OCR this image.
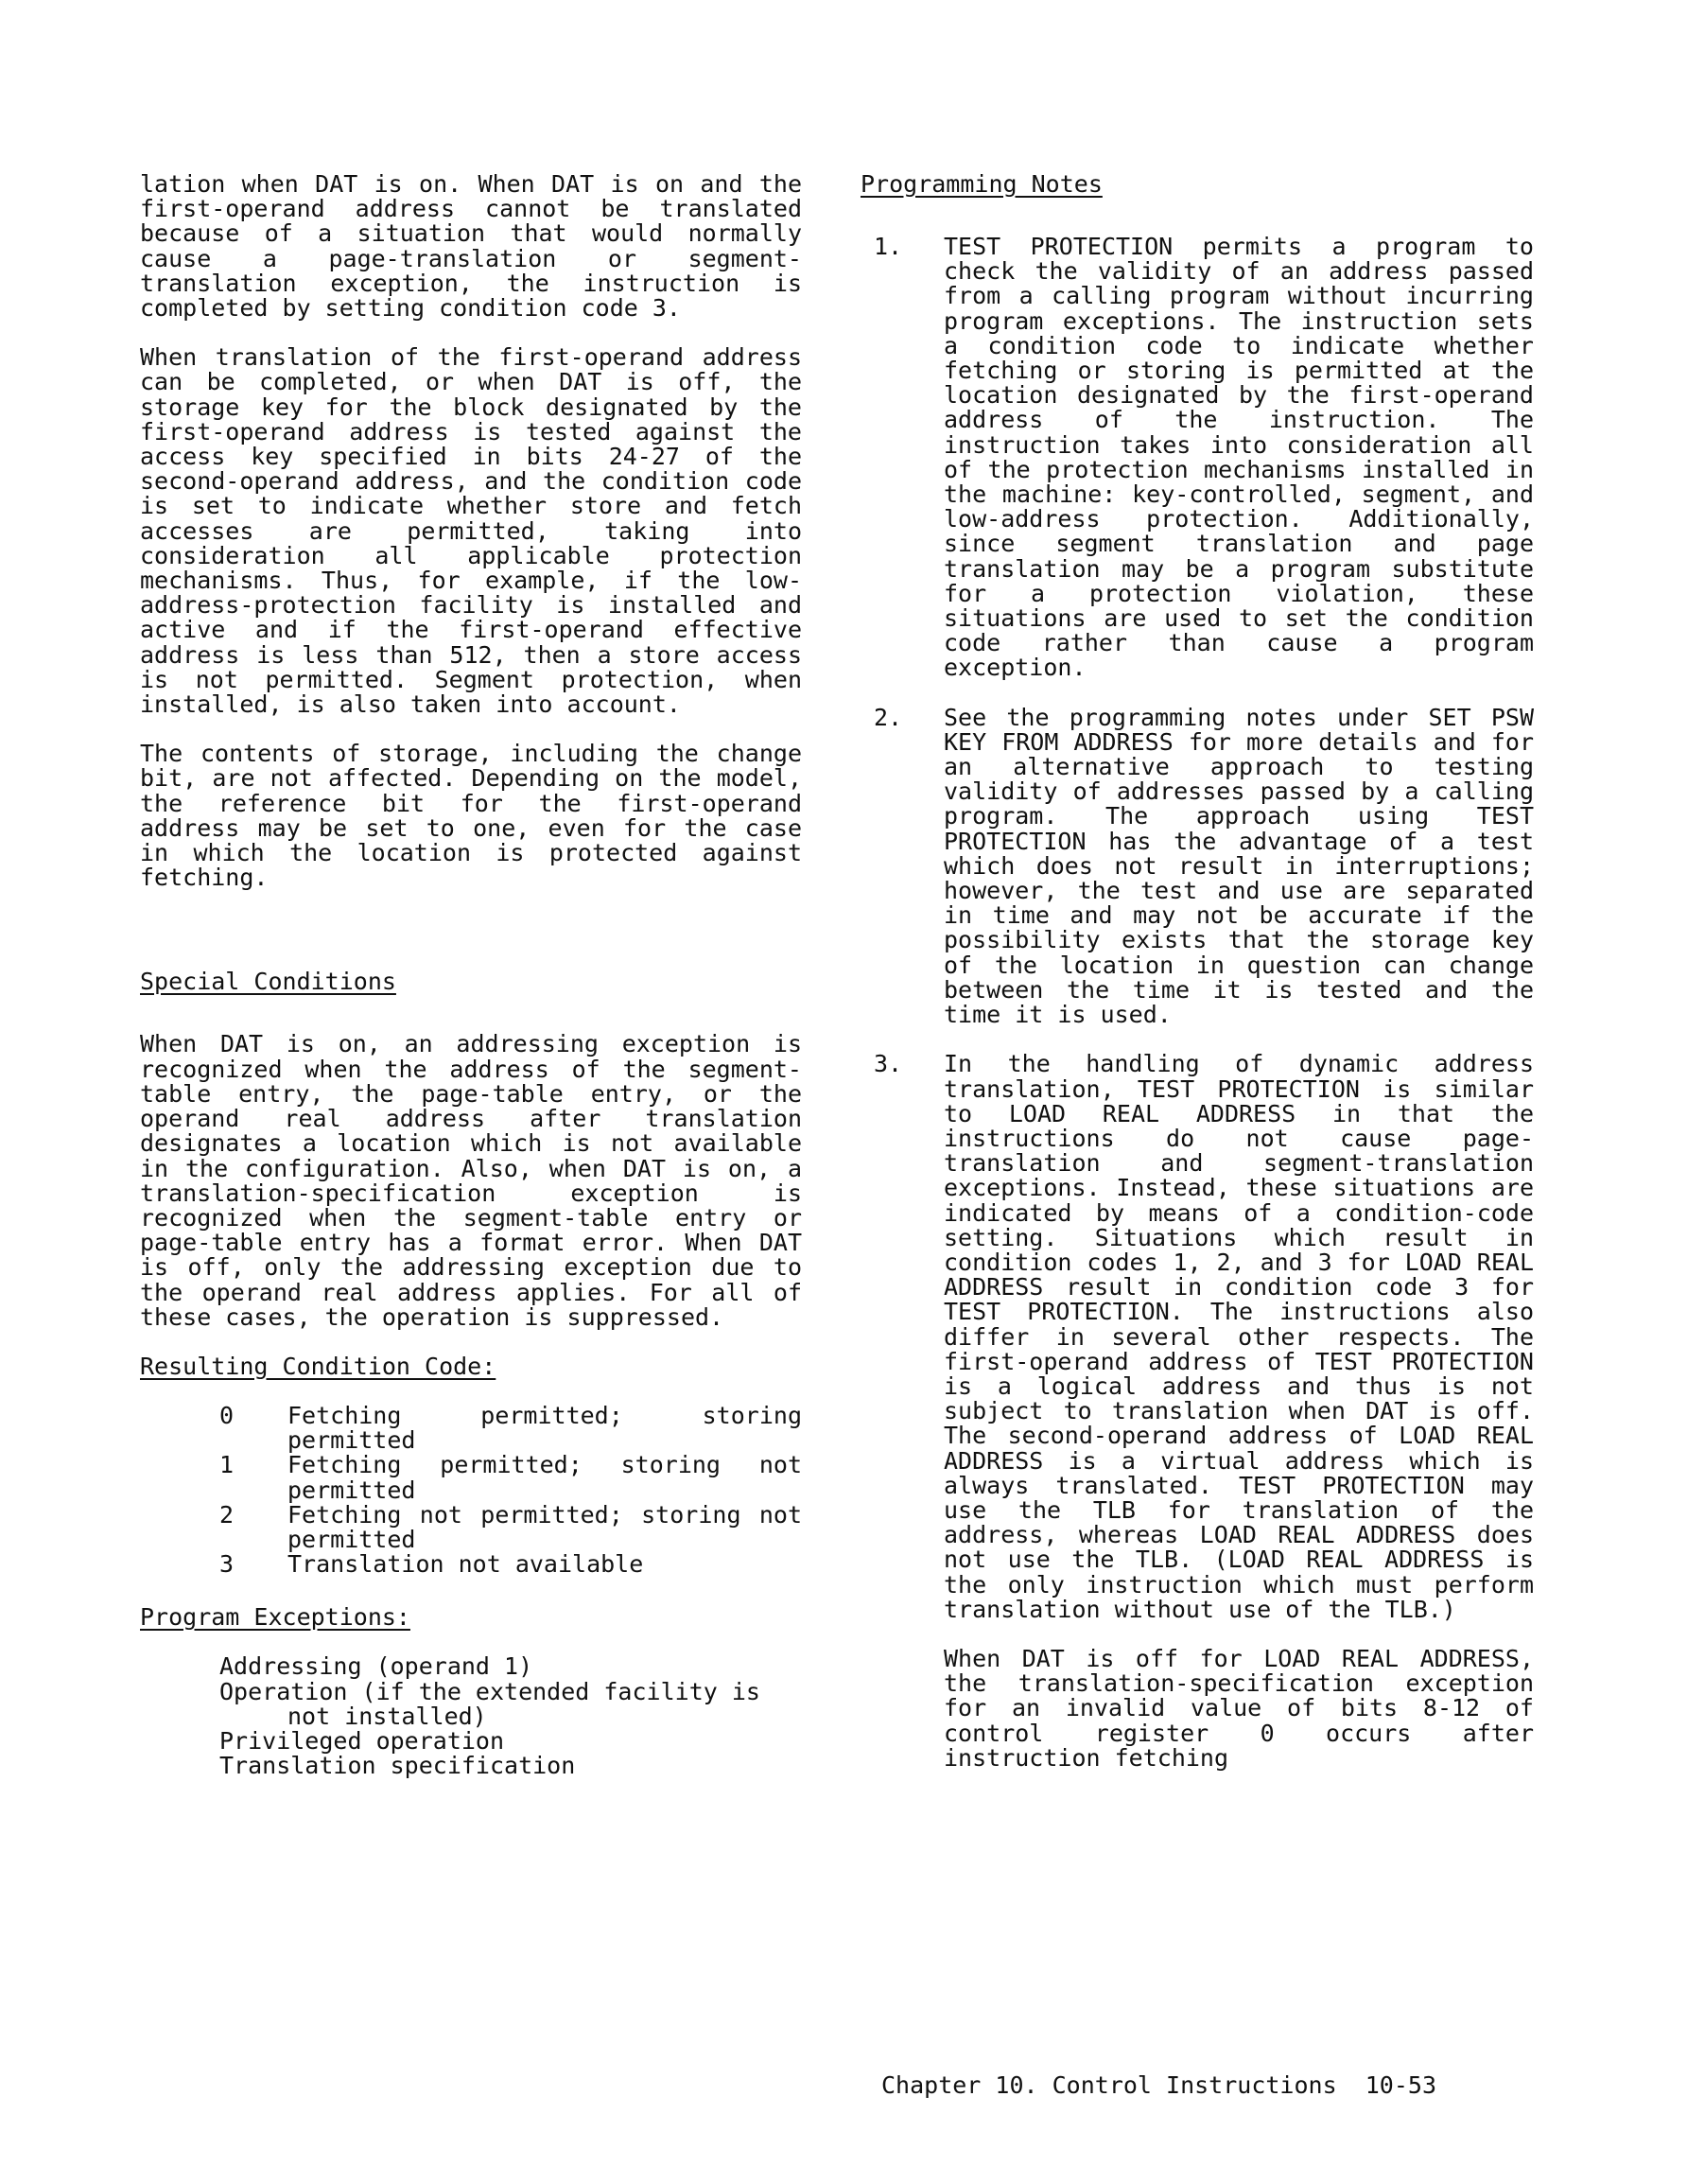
lation when DAT is on. When DAT is on and the first-operand address cannot be translated because of a situation that would normally cause a page-translation or segment-translation exception, the instruction is completed by setting condition code 3.

When translation of the first-operand address can be completed, or when DAT is off, the storage key for the block designated by the first-operand address is tested against the access key specified in bits 24-27 of the second-operand address, and the condition code is set to indicate whether store and fetch accesses are permitted, taking into consideration all applicable protection mechanisms. Thus, for example, if the low-address-protection facility is installed and active and if the first-operand effective address is less than 512, then a store access is not permitted. Segment protection, when installed, is also taken into account.

The contents of storage, including the change bit, are not affected. Depending on the model, the reference bit for the first-operand address may be set to one, even for the case in which the location is protected against fetching.

Special Conditions

When DAT is on, an addressing exception is recognized when the address of the segment-table entry, the page-table entry, or the operand real address after translation designates a location which is not available in the configuration. Also, when DAT is on, a translation-specification exception is recognized when the segment-table entry or page-table entry has a format error. When DAT is off, only the addressing exception due to the operand real address applies. For all of these cases, the operation is suppressed.

Resulting Condition Code:
0	Fetching permitted; storing permitted
1	Fetching permitted; storing not permitted
2	Fetching not permitted; storing not permitted
3	Translation not available
Program Exceptions:
Addressing (operand 1)
Operation (if the extended facility is not installed)
Privileged operation
Translation specification
Programming Notes
1.	TEST PROTECTION permits a program to check the validity of an address passed from a calling program without incurring program exceptions. The instruction sets a condition code to indicate whether fetching or storing is permitted at the location designated by the first-operand address of the instruction. The instruction takes into consideration all of the protection mechanisms installed in the machine: key-controlled, segment, and low-address protection. Additionally, since segment translation and page translation may be a program substitute for a protection violation, these situations are used to set the condition code rather than cause a program exception.
2.	See the programming notes under SET PSW KEY FROM ADDRESS for more details and for an alternative approach to testing validity of addresses passed by a calling program. The approach using TEST PROTECTION has the advantage of a test which does not result in interruptions; however, the test and use are separated in time and may not be accurate if the possibility exists that the storage key of the location in question can change between the time it is tested and the time it is used.
3.	In the handling of dynamic address translation, TEST PROTECTION is similar to LOAD REAL ADDRESS in that the instructions do not cause page-translation and segment-translation exceptions. Instead, these situations are indicated by means of a condition-code setting. Situations which result in condition codes 1, 2, and 3 for LOAD REAL ADDRESS result in condition code 3 for TEST PROTECTION. The instructions also differ in several other respects. The first-operand address of TEST PROTECTION is a logical address and thus is not subject to translation when DAT is off. The second-operand address of LOAD REAL ADDRESS is a virtual address which is always translated. TEST PROTECTION may use the TLB for translation of the address, whereas LOAD REAL ADDRESS does not use the TLB. (LOAD REAL ADDRESS is the only instruction which must perform translation without use of the TLB.)

When DAT is off for LOAD REAL ADDRESS, the translation-specification exception for an invalid value of bits 8-12 of control register 0 occurs after instruction fetching

Chapter 10. Control Instructions 10-53
